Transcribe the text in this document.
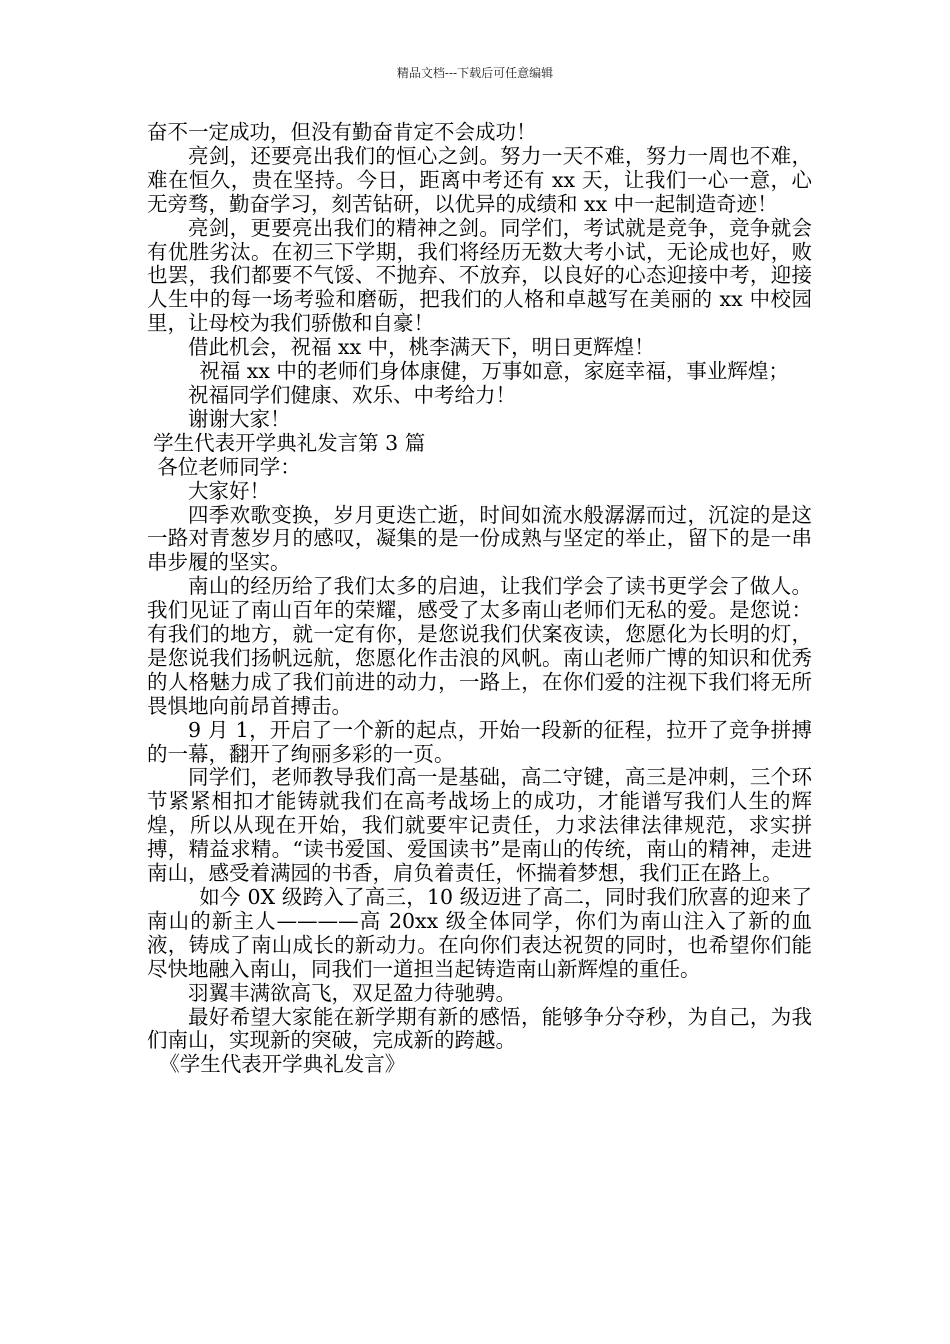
精品文档---下载后可任意编辑

奋不一定成功，但没有勤奋肯定不会成功！

亮剑，还要亮出我们的恒心之剑。努力一天不难，努力一周也不难，难在恒久，贵在坚持。今日，距离中考还有 xx 天，让我们一心一意，心无旁骛，勤奋学习，刻苦钻研，以优异的成绩和 xx 中一起制造奇迹！

亮剑，更要亮出我们的精神之剑。同学们，考试就是竞争，竞争就会有优胜劣汰。在初三下学期，我们将经历无数大考小试，无论成也好，败也罢，我们都要不气馁、不抛弃、不放弃，以良好的心态迎接中考，迎接人生中的每一场考验和磨砺，把我们的人格和卓越写在美丽的 xx 中校园里，让母校为我们骄傲和自豪！

借此机会，祝福 xx 中，桃李满天下，明日更辉煌！

祝福 xx 中的老师们身体康健，万事如意，家庭幸福，事业辉煌；

祝福同学们健康、欢乐、中考给力！

谢谢大家！

学生代表开学典礼发言第 3 篇

各位老师同学：

大家好！

四季欢歌变换，岁月更迭亡逝，时间如流水般潺潺而过，沉淀的是这一路对青葱岁月的感叹，凝集的是一份成熟与坚定的举止，留下的是一串串步履的坚实。

南山的经历给了我们太多的启迪，让我们学会了读书更学会了做人。我们见证了南山百年的荣耀，感受了太多南山老师们无私的爱。是您说：有我们的地方，就一定有你，是您说我们伏案夜读，您愿化为长明的灯，是您说我们扬帆远航，您愿化作击浪的风帆。南山老师广博的知识和优秀的人格魅力成了我们前进的动力，一路上，在你们爱的注视下我们将无所畏惧地向前昂首搏击。

9 月 1，开启了一个新的起点，开始一段新的征程，拉开了竞争拼搏的一幕，翻开了绚丽多彩的一页。

同学们，老师教导我们高一是基础，高二守键，高三是冲刺，三个环节紧紧相扣才能铸就我们在高考战场上的成功，才能谱写我们人生的辉煌，所以从现在开始，我们就要牢记责任，力求法律法律规范，求实拼搏，精益求精。“读书爱国、爱国读书”是南山的传统，南山的精神，走进南山，感受着满园的书香，肩负着责任，怀揣着梦想，我们正在路上。

如今 0X 级跨入了高三，10 级迈进了高二，同时我们欣喜的迎来了南山的新主人————高 20xx 级全体同学，你们为南山注入了新的血液，铸成了南山成长的新动力。在向你们表达祝贺的同时，也希望你们能尽快地融入南山，同我们一道担当起铸造南山新辉煌的重任。

羽翼丰满欲高飞，双足盈力待驰骋。

最好希望大家能在新学期有新的感悟，能够争分夺秒，为自己，为我们南山，实现新的突破，完成新的跨越。

《学生代表开学典礼发言》
